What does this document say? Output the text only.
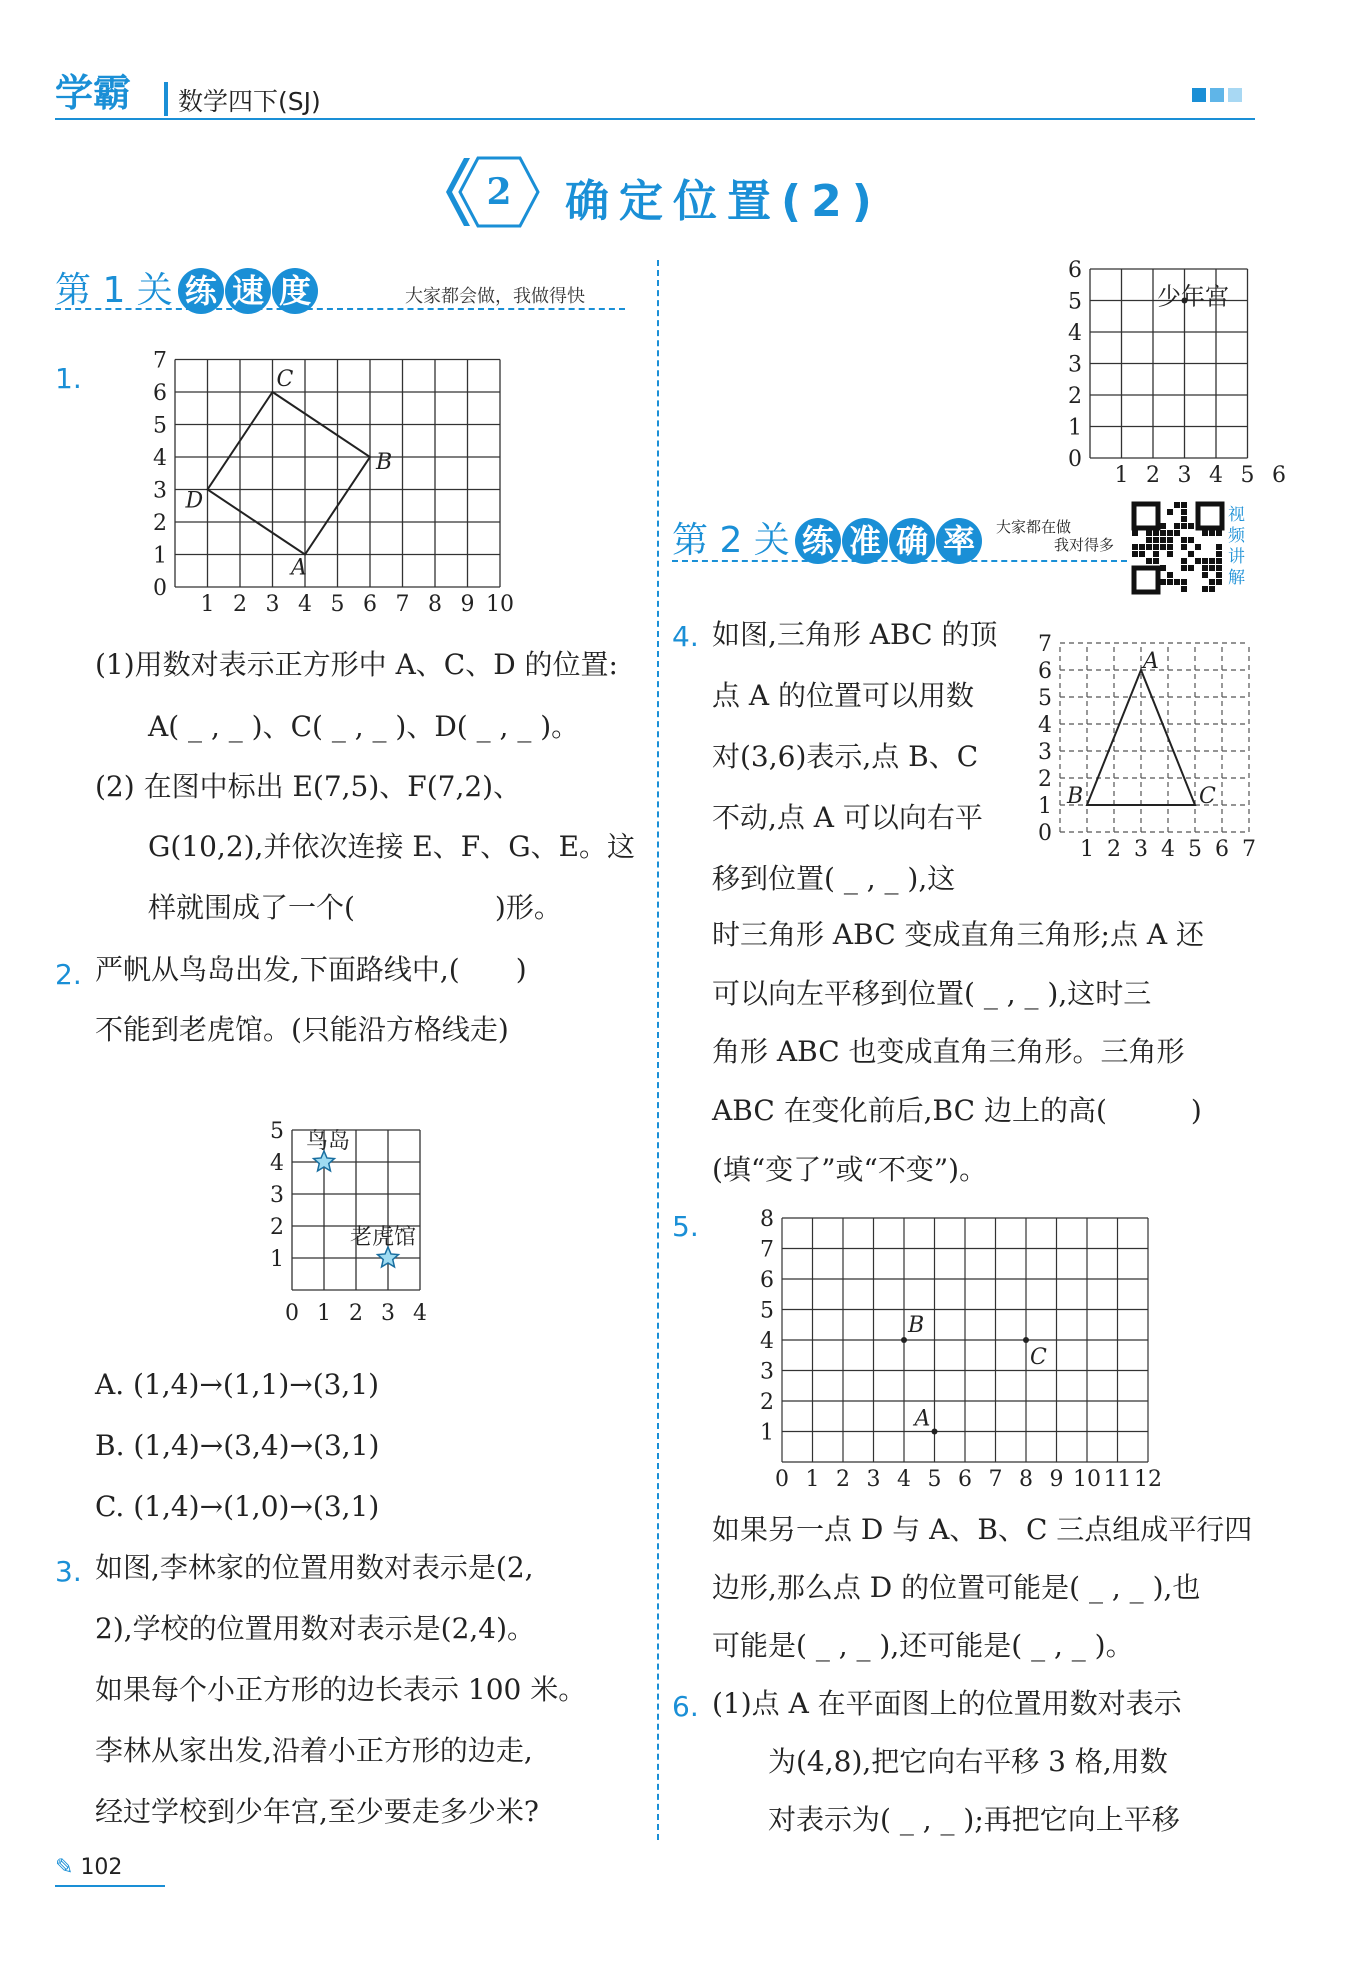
学霸 数学四下(SJ)
2 确定位置(2)
第 1 关 练 速 度	大家都会做，我做得快
1.
1 2 3 4 5 6 7 8 9 10
1
2
3
4
5
6
7
0
C
B
A
D
(1)用数对表示正方形中 A、C、D 的位置:
A( _ , _ )、C( _ , _ )、D( _ , _ )。
(2) 在图中标出 E(7,5)、F(7,2)、
G(10,2),并依次连接 E、F、G、E。这
样就围成了一个(　　　　　)形。
2. 严帆从鸟岛出发,下面路线中,(　　)
不能到老虎馆。(只能沿方格线走)
1
2
3
4
5
0 1 2 3 4
鸟岛
老虎馆
A. (1,4)→(1,1)→(3,1)
B. (1,4)→(3,4)→(3,1)
C. (1,4)→(1,0)→(3,1)
3. 如图,李林家的位置用数对表示是(2,
2),学校的位置用数对表示是(2,4)。
如果每个小正方形的边长表示 100 米。
李林从家出发,沿着小正方形的边走,
经过学校到少年宫,至少要走多少米?
1 2 3 4 5 6
1
2
3
4
5
6
0
少年宫
第 2 关 练 准 确 率 大家都在做
我对得多
视
频
讲
解
4. 如图,三角形 ABC 的顶
点 A 的位置可以用数
对(3,6)表示,点 B、C
不动,点 A 可以向右平
移到位置( _ , _ ),这
时三角形 ABC 变成直角三角形;点 A 还
可以向左平移到位置( _ , _ ),这时三
角形 ABC 也变成直角三角形。三角形
ABC 在变化前后,BC 边上的高(　　　)
(填“变了”或“不变”)。
1 2 3 4 5 6 7
1
2
3
4
5
6
7
0
A
B	C
5.
0 1 2 3 4 5 6 7 8 9 10 11 12
1
2
3
4
5
6
7
8
B
C
A
如果另一点 D 与 A、B、C 三点组成平行四
边形,那么点 D 的位置可能是( _ , _ ),也
可能是( _ , _ ),还可能是( _ , _ )。
6. (1)点 A 在平面图上的位置用数对表示
为(4,8),把它向右平移 3 格,用数
对表示为( _ , _ );再把它向上平移
✎ 102
